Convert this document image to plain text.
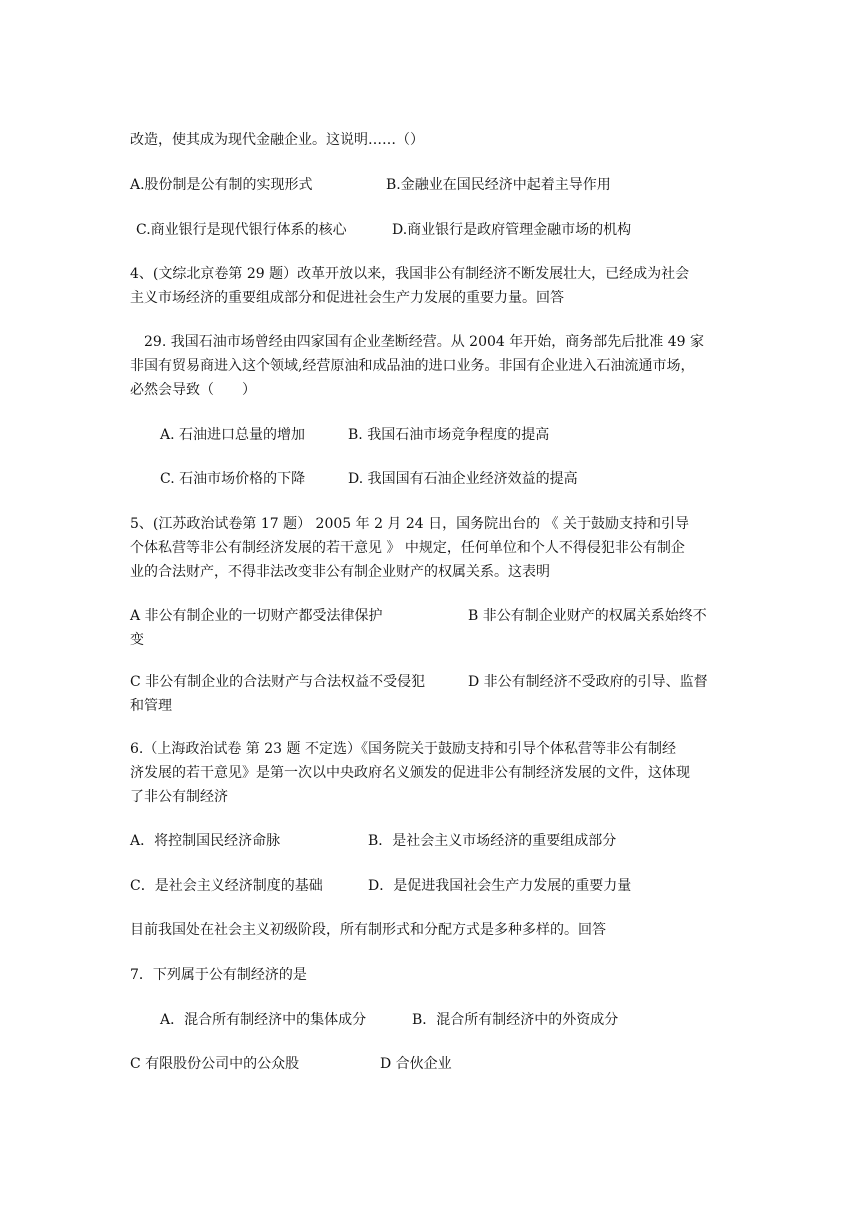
改造，使其成为现代金融企业。这说明……（）
A.股份制是公有制的实现形式	B.金融业在国民经济中起着主导作用
C.商业银行是现代银行体系的核心	D.商业银行是政府管理金融市场的机构
4、(文综北京卷第 29 题）改革开放以来，我国非公有制经济不断发展壮大，已经成为社会
主义市场经济的重要组成部分和促进社会生产力发展的重要力量。回答
29. 我国石油市场曾经由四家国有企业垄断经营。从 2004 年开始，商务部先后批准 49 家
非国有贸易商进入这个领域,经营原油和成品油的进口业务。非国有企业进入石油流通市场，
必然会导致（　　）
A. 石油进口总量的增加	B. 我国石油市场竞争程度的提高
C. 石油市场价格的下降	D. 我国国有石油企业经济效益的提高
5、(江苏政治试卷第 17 题） 2005 年 2 月 24 日，国务院出台的 《 关于鼓励支持和引导
个体私营等非公有制经济发展的若干意见 》 中规定，任何单位和个人不得侵犯非公有制企
业的合法财产，不得非法改变非公有制企业财产的权属关系。这表明
A 非公有制企业的一切财产都受法律保护	B 非公有制企业财产的权属关系始终不
变
C 非公有制企业的合法财产与合法权益不受侵犯	D 非公有制经济不受政府的引导、监督
和管理
6.（上海政治试卷 第 23 题 不定选）《国务院关于鼓励支持和引导个体私营等非公有制经
济发展的若干意见》是第一次以中央政府名义颁发的促进非公有制经济发展的文件，这体现
了非公有制经济
A．将控制国民经济命脉	B．是社会主义市场经济的重要组成部分
C．是社会主义经济制度的基础	D．是促进我国社会生产力发展的重要力量
目前我国处在社会主义初级阶段，所有制形式和分配方式是多种多样的。回答
7．下列属于公有制经济的是
A．混合所有制经济中的集体成分	B．混合所有制经济中的外资成分
C 有限股份公司中的公众股	D 合伙企业
